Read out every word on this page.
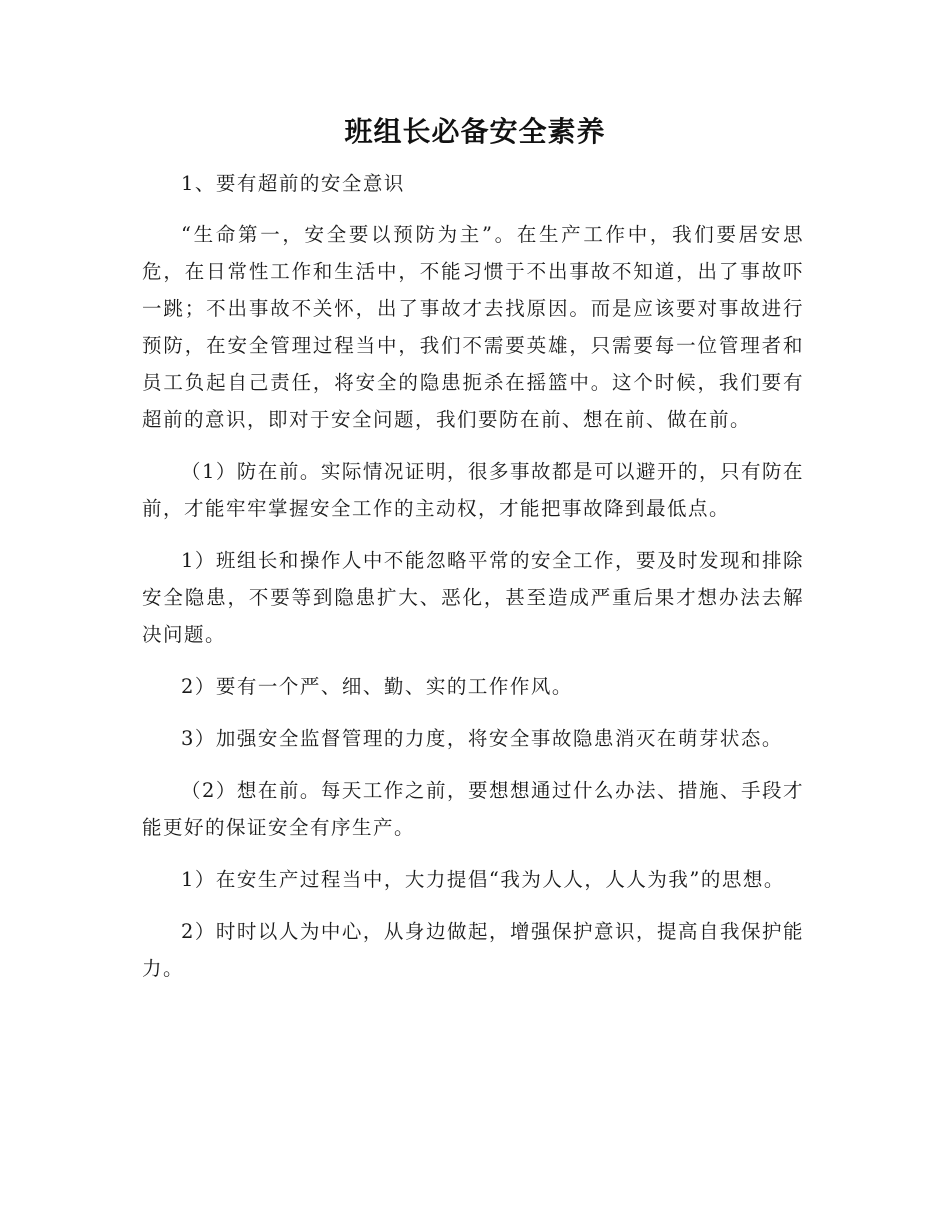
班组长必备安全素养

1、要有超前的安全意识

“生命第一，安全要以预防为主”。在生产工作中，我们要居安思危，在日常性工作和生活中，不能习惯于不出事故不知道，出了事故吓一跳；不出事故不关怀，出了事故才去找原因。而是应该要对事故进行预防，在安全管理过程当中，我们不需要英雄，只需要每一位管理者和员工负起自己责任，将安全的隐患扼杀在摇篮中。这个时候，我们要有超前的意识，即对于安全问题，我们要防在前、想在前、做在前。

（1）防在前。实际情况证明，很多事故都是可以避开的，只有防在前，才能牢牢掌握安全工作的主动权，才能把事故降到最低点。

1）班组长和操作人中不能忽略平常的安全工作，要及时发现和排除安全隐患，不要等到隐患扩大、恶化，甚至造成严重后果才想办法去解决问题。

2）要有一个严、细、勤、实的工作作风。

3）加强安全监督管理的力度，将安全事故隐患消灭在萌芽状态。

（2）想在前。每天工作之前，要想想通过什么办法、措施、手段才能更好的保证安全有序生产。

1）在安生产过程当中，大力提倡“我为人人，人人为我”的思想。

2）时时以人为中心，从身边做起，增强保护意识，提高自我保护能力。
